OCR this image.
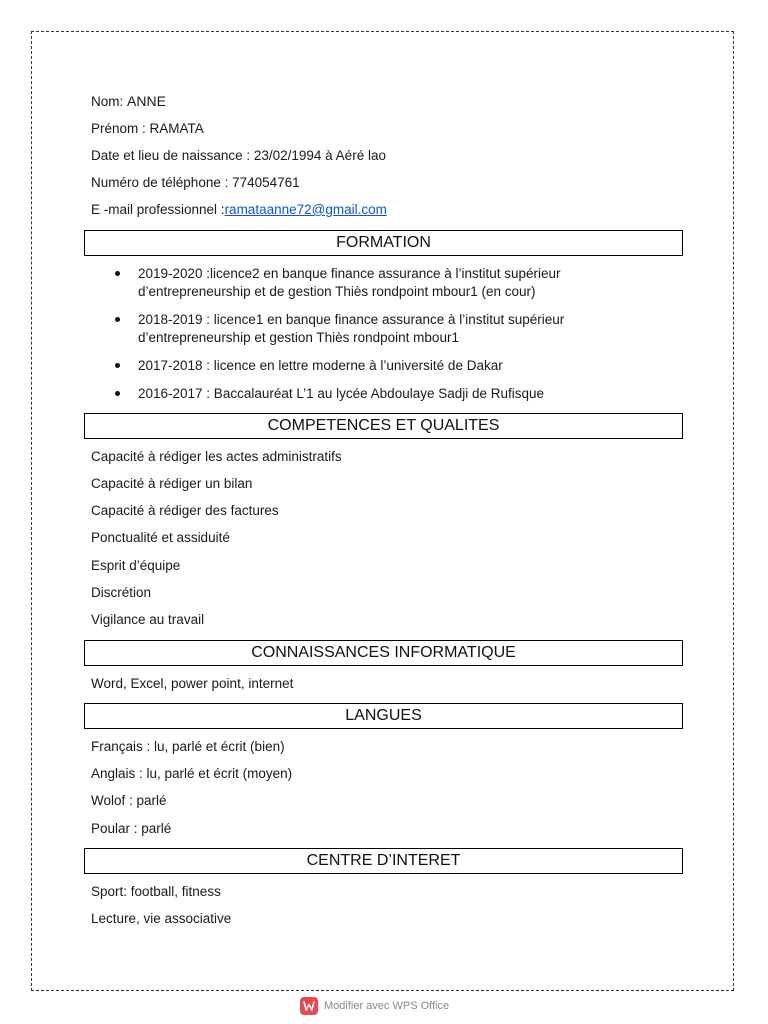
Nom: ANNE
Prénom : RAMATA
Date et lieu de naissance : 23/02/1994 à Aéré lao
Numéro de téléphone : 774054761
E -mail professionnel :ramataanne72@gmail.com
FORMATION
2019-2020 :licence2 en banque finance assurance à l’institut supérieur
d’entrepreneurship et de gestion Thiès rondpoint mbour1 (en cour)
2018-2019 : licence1 en banque finance assurance à l’institut supérieur
d’entrepreneurship et gestion Thiès rondpoint mbour1
2017-2018 : licence en lettre moderne à l’université de Dakar
2016-2017 : Baccalauréat L’1 au lycée Abdoulaye Sadji de Rufisque
COMPETENCES ET QUALITES
Capacité à rédiger les actes administratifs
Capacité à rédiger un bilan
Capacité à rédiger des factures
Ponctualité et assiduité
Esprit d’équipe
Discrétion
Vigilance au travail
CONNAISSANCES INFORMATIQUE
Word, Excel, power point, internet
LANGUES
Français : lu, parlé et écrit (bien)
Anglais : lu, parlé et écrit (moyen)
Wolof : parlé
Poular : parlé
CENTRE D’INTERET
Sport: football, fitness
Lecture, vie associative
Modifier avec WPS Office
